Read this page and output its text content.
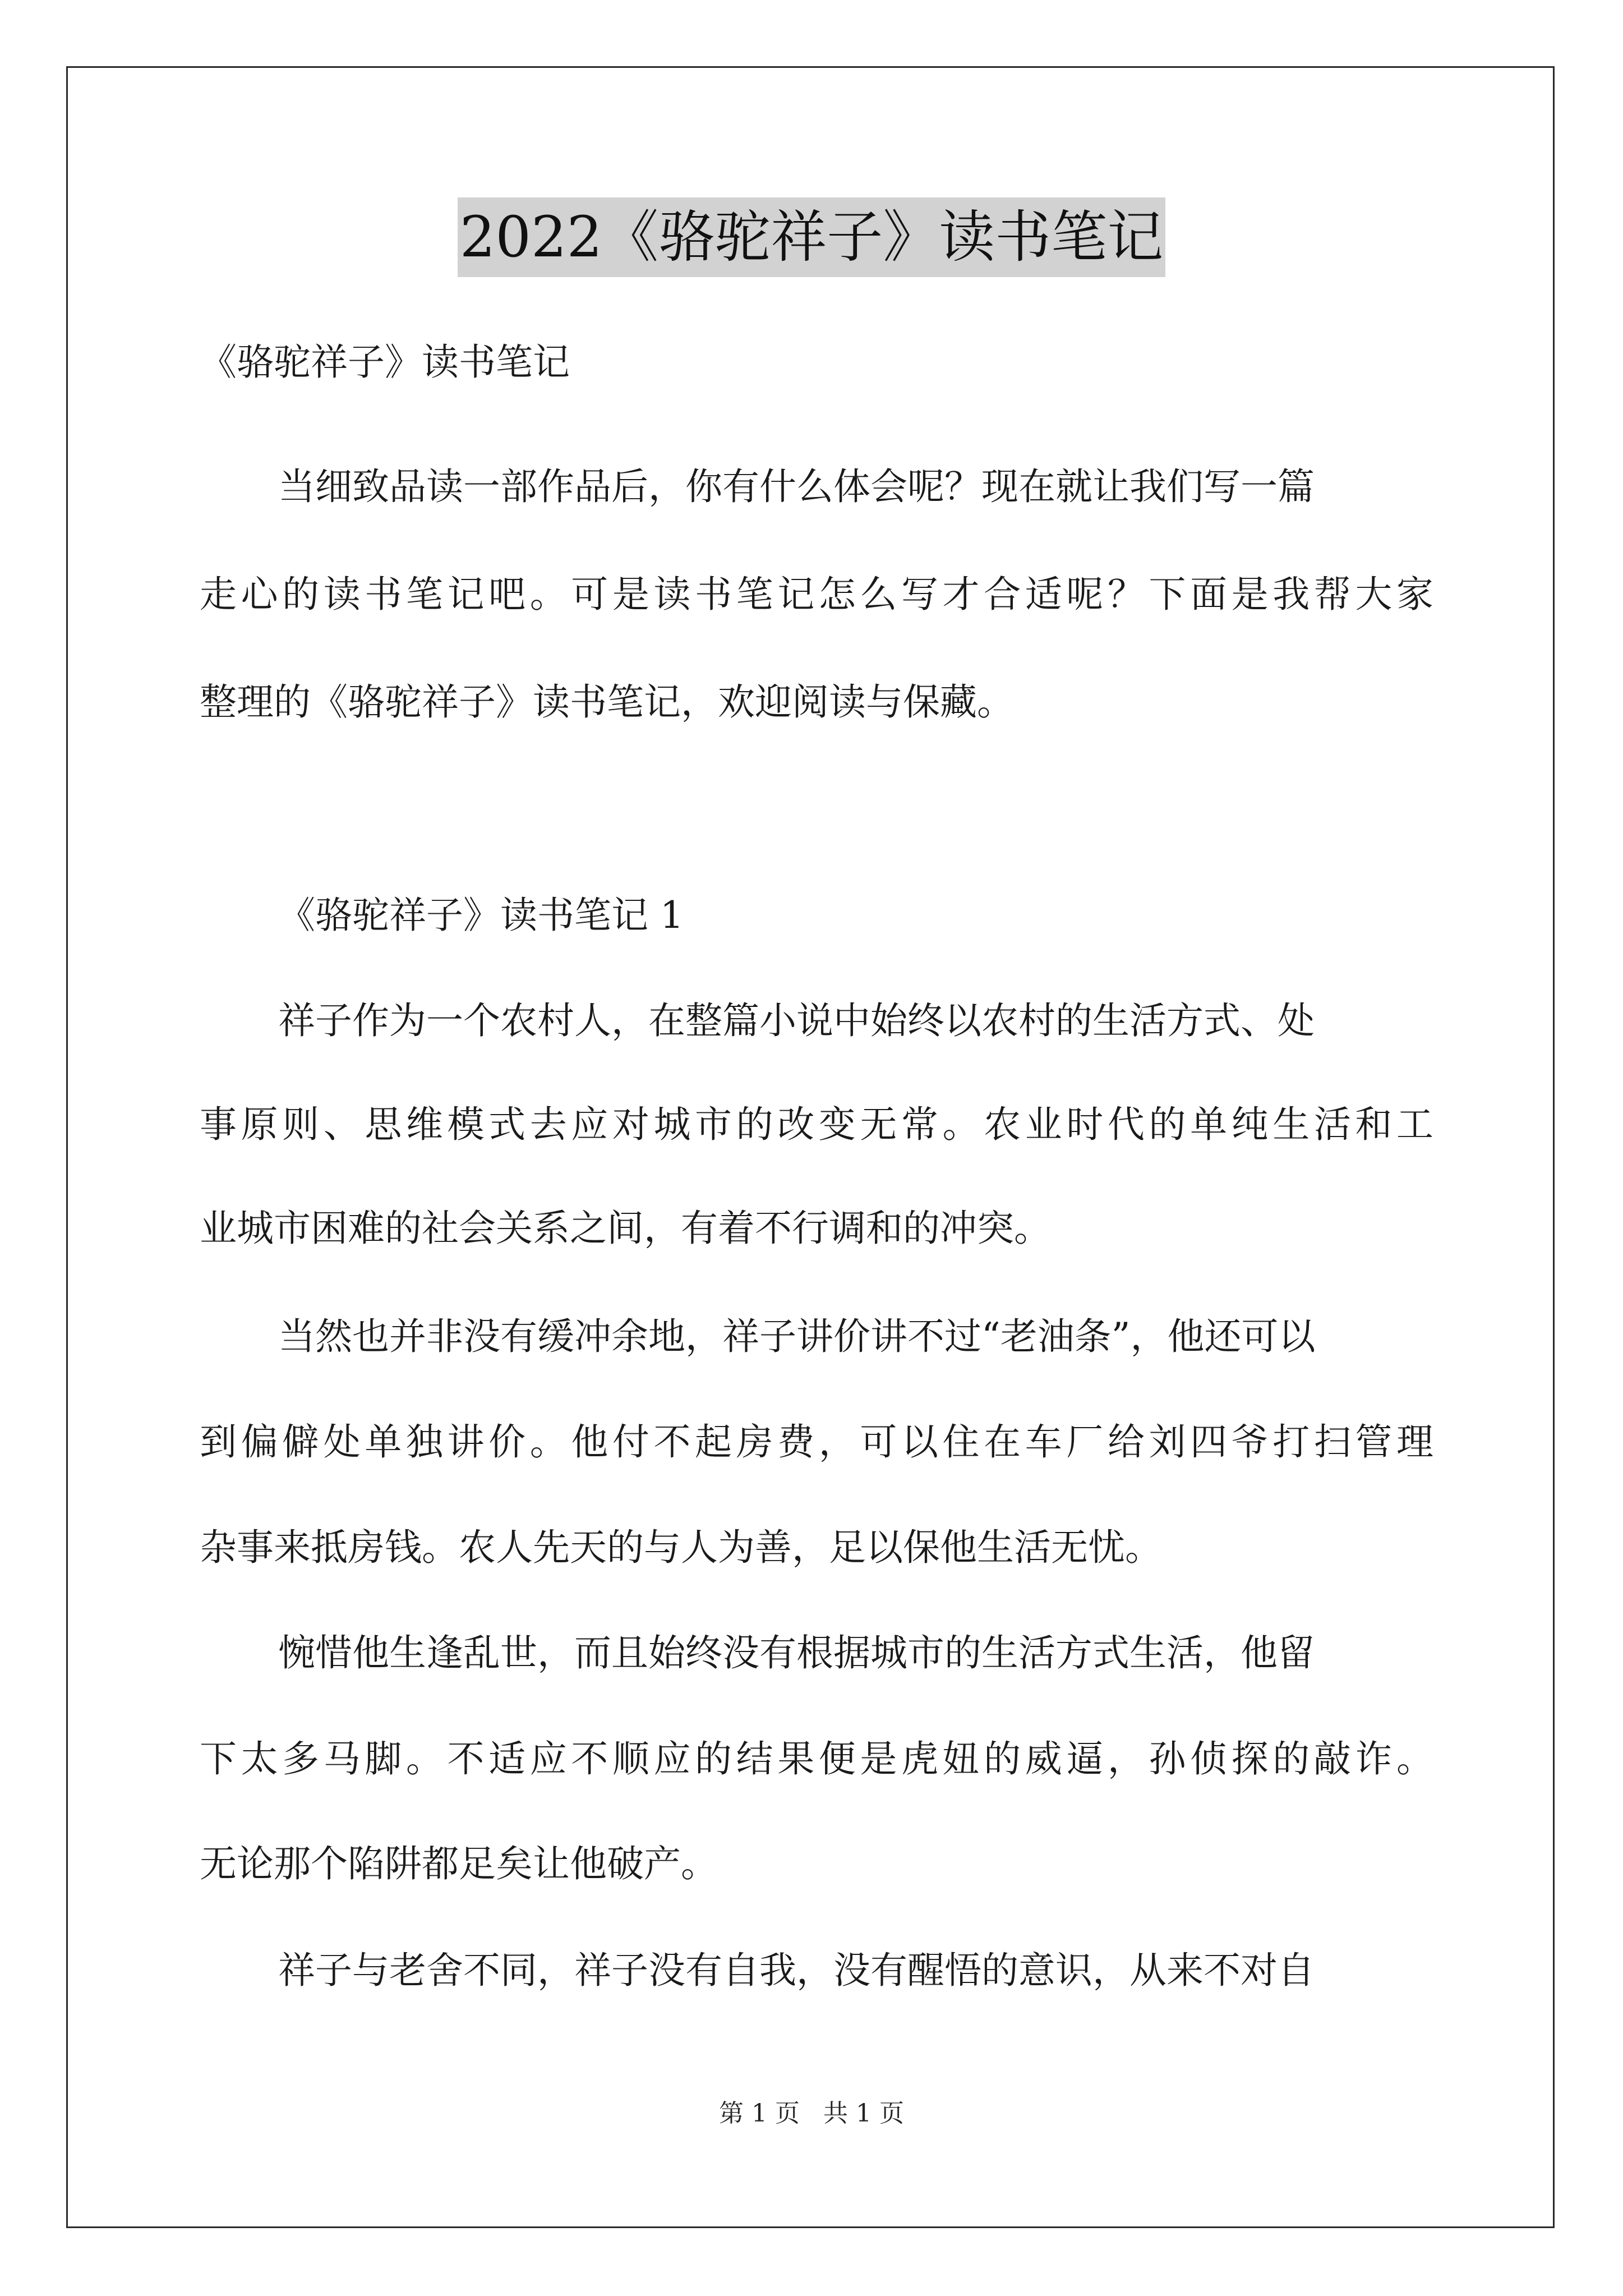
2022《骆驼祥子》读书笔记
《骆驼祥子》读书笔记
当细致品读一部作品后，你有什么体会呢？现在就让我们写一篇
走心的读书笔记吧。可是读书笔记怎么写才合适呢？下面是我帮大家
整理的《骆驼祥子》读书笔记，欢迎阅读与保藏。
《骆驼祥子》读书笔记 1
祥子作为一个农村人，在整篇小说中始终以农村的生活方式、处
事原则、思维模式去应对城市的改变无常。农业时代的单纯生活和工
业城市困难的社会关系之间，有着不行调和的冲突。
当然也并非没有缓冲余地，祥子讲价讲不过“老油条”，他还可以
到偏僻处单独讲价。他付不起房费，可以住在车厂给刘四爷打扫管理
杂事来抵房钱。农人先天的与人为善，足以保他生活无忧。
惋惜他生逢乱世，而且始终没有根据城市的生活方式生活，他留
下太多马脚。不适应不顺应的结果便是虎妞的威逼，孙侦探的敲诈。
无论那个陷阱都足矣让他破产。
祥子与老舍不同，祥子没有自我，没有醒悟的意识，从来不对自
第 1 页   共 1 页
